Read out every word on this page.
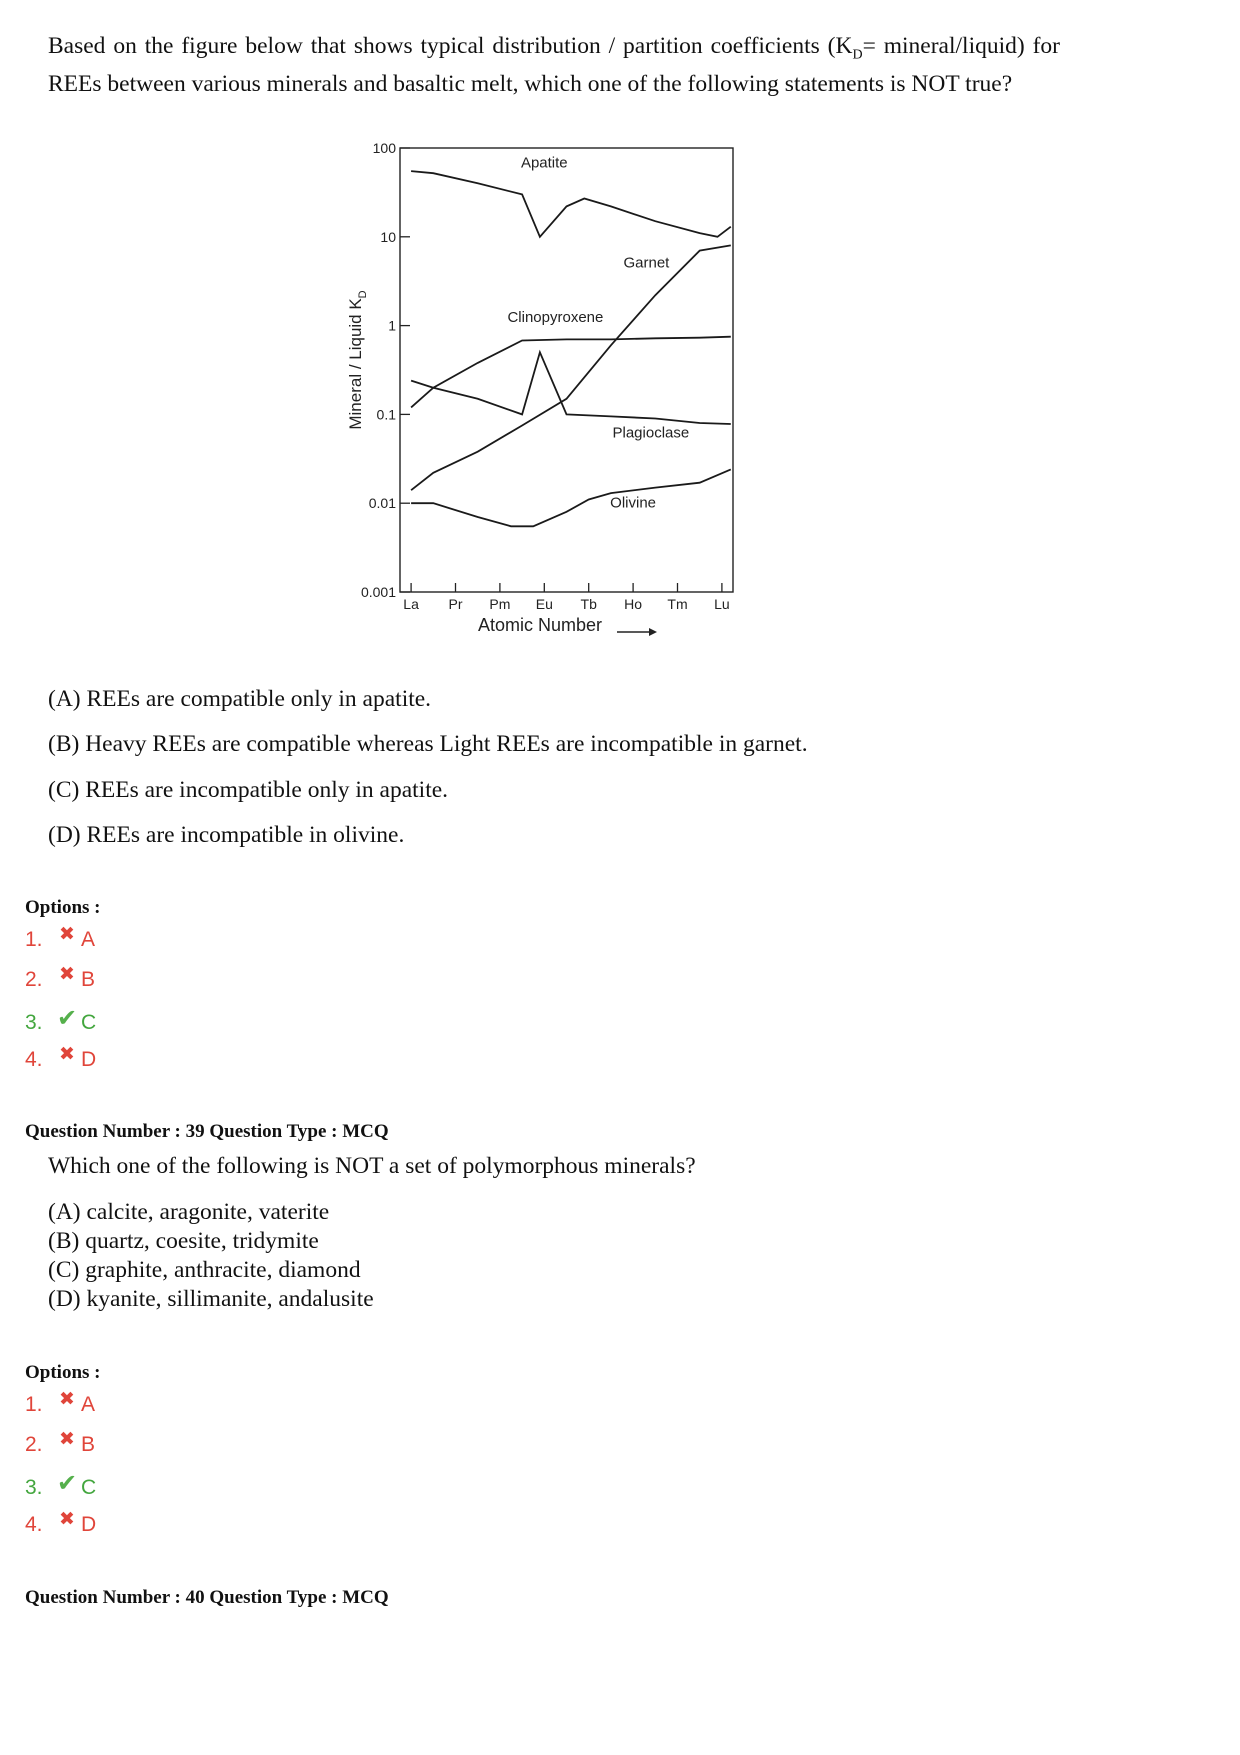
Based on the figure below that shows typical distribution / partition coefficients ($K_D=$ mineral/liquid) for REEs between various minerals and basaltic melt, which one of the following statements is NOT true?
100
10
1
0.1
0.01
0.001
La Pr Pm Eu Tb Ho Tm Lu
Apatite
Garnet
Clinopyroxene
Plagioclase
Olivine
Mineral / Liquid $K_D$
Atomic Number
(A) REEs are compatible only in apatite.
(B) Heavy REEs are compatible whereas Light REEs are incompatible in garnet.
(C) REEs are incompatible only in apatite.
(D) REEs are incompatible in olivine.
Options :
1. ✖ A
2. ✖ B
3. ✔ C
4. ✖ D
Question Number : 39 Question Type : MCQ
Which one of the following is NOT a set of polymorphous minerals?
(A) calcite, aragonite, vaterite
(B) quartz, coesite, tridymite
(C) graphite, anthracite, diamond
(D) kyanite, sillimanite, andalusite
Options :
1. ✖ A
2. ✖ B
3. ✔ C
4. ✖ D
Question Number : 40 Question Type : MCQ
